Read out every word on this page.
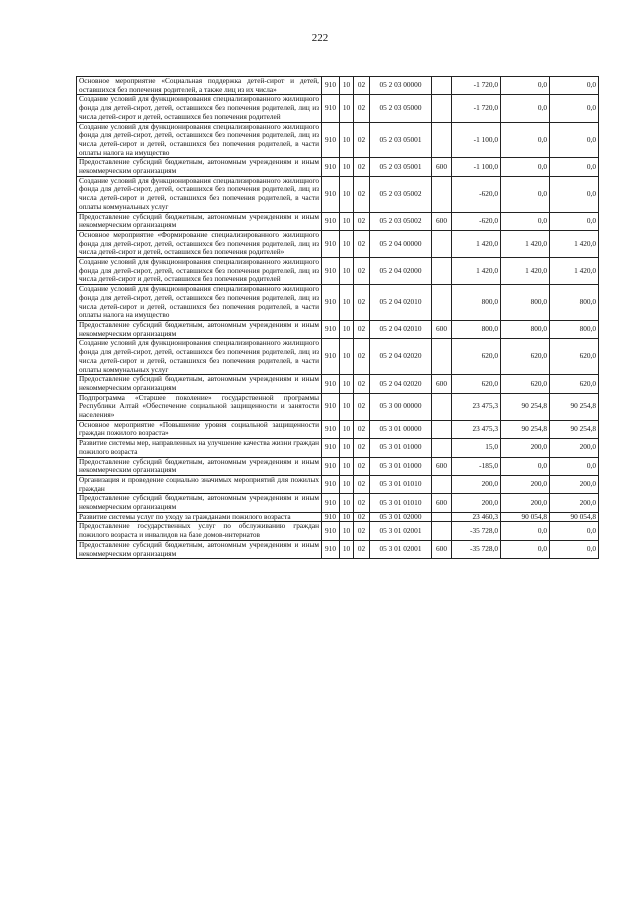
222
Основное мероприятие «Социальная поддержка детей-сирот и детей, оставшихся без попечения родителей, а также лиц из их числа»	910	10	02	05 2 03 00000		-1 720,0	0,0	0,0
Создание условий для функционирования специализированного жилищного фонда для детей-сирот, детей, оставшихся без попечения родителей, лиц из числа детей-сирот и детей, оставшихся без попечения родителей	910	10	02	05 2 03 05000		-1 720,0	0,0	0,0
Создание условий для функционирования специализированного жилищного фонда для детей-сирот, детей, оставшихся без попечения родителей, лиц из числа детей-сирот и детей, оставшихся без попечения родителей, в части оплаты налога на имущество	910	10	02	05 2 03 05001		-1 100,0	0,0	0,0
Предоставление субсидий бюджетным, автономным учреждениям и иным некоммерческим организациям	910	10	02	05 2 03 05001	600	-1 100,0	0,0	0,0
Создание условий для функционирования специализированного жилищного фонда для детей-сирот, детей, оставшихся без попечения родителей, лиц из числа детей-сирот и детей, оставшихся без попечения родителей, в части оплаты коммунальных услуг	910	10	02	05 2 03 05002		-620,0	0,0	0,0
Предоставление субсидий бюджетным, автономным учреждениям и иным некоммерческим организациям	910	10	02	05 2 03 05002	600	-620,0	0,0	0,0
Основное мероприятие «Формирование специализированного жилищного фонда для детей-сирот, детей, оставшихся без попечения родителей, лиц из числа детей-сирот и детей, оставшихся без попечения родителей»	910	10	02	05 2 04 00000		1 420,0	1 420,0	1 420,0
Создание условий для функционирования специализированного жилищного фонда для детей-сирот, детей, оставшихся без попечения родителей, лиц из числа детей-сирот и детей, оставшихся без попечения родителей	910	10	02	05 2 04 02000		1 420,0	1 420,0	1 420,0
Создание условий для функционирования специализированного жилищного фонда для детей-сирот, детей, оставшихся без попечения родителей, лиц из числа детей-сирот и детей, оставшихся без попечения родителей, в части оплаты налога на имущество	910	10	02	05 2 04 02010		800,0	800,0	800,0
Предоставление субсидий бюджетным, автономным учреждениям и иным некоммерческим организациям	910	10	02	05 2 04 02010	600	800,0	800,0	800,0
Создание условий для функционирования специализированного жилищного фонда для детей-сирот, детей, оставшихся без попечения родителей, лиц из числа детей-сирот и детей, оставшихся без попечения родителей, в части оплаты коммунальных услуг	910	10	02	05 2 04 02020		620,0	620,0	620,0
Предоставление субсидий бюджетным, автономным учреждениям и иным некоммерческим организациям	910	10	02	05 2 04 02020	600	620,0	620,0	620,0
Подпрограмма «Старшее поколение» государственной программы Республики Алтай «Обеспечение социальной защищенности и занятости населения»	910	10	02	05 3 00 00000		23 475,3	90 254,8	90 254,8
Основное мероприятие «Повышение уровня социальной защищенности граждан пожилого возраста»	910	10	02	05 3 01 00000		23 475,3	90 254,8	90 254,8
Развитие системы мер, направленных на улучшение качества жизни граждан пожилого возраста	910	10	02	05 3 01 01000		15,0	200,0	200,0
Предоставление субсидий бюджетным, автономным учреждениям и иным некоммерческим организациям	910	10	02	05 3 01 01000	600	-185,0	0,0	0,0
Организация и проведение социально значимых мероприятий для пожилых граждан	910	10	02	05 3 01 01010		200,0	200,0	200,0
Предоставление субсидий бюджетным, автономным учреждениям и иным некоммерческим организациям	910	10	02	05 3 01 01010	600	200,0	200,0	200,0
Развитие системы услуг по уходу за гражданами пожилого возраста	910	10	02	05 3 01 02000		23 460,3	90 054,8	90 054,8
Предоставление государственных услуг по обслуживанию граждан пожилого возраста и инвалидов на базе домов-интернатов	910	10	02	05 3 01 02001		-35 728,0	0,0	0,0
Предоставление субсидий бюджетным, автономным учреждениям и иным некоммерческим организациям	910	10	02	05 3 01 02001	600	-35 728,0	0,0	0,0
